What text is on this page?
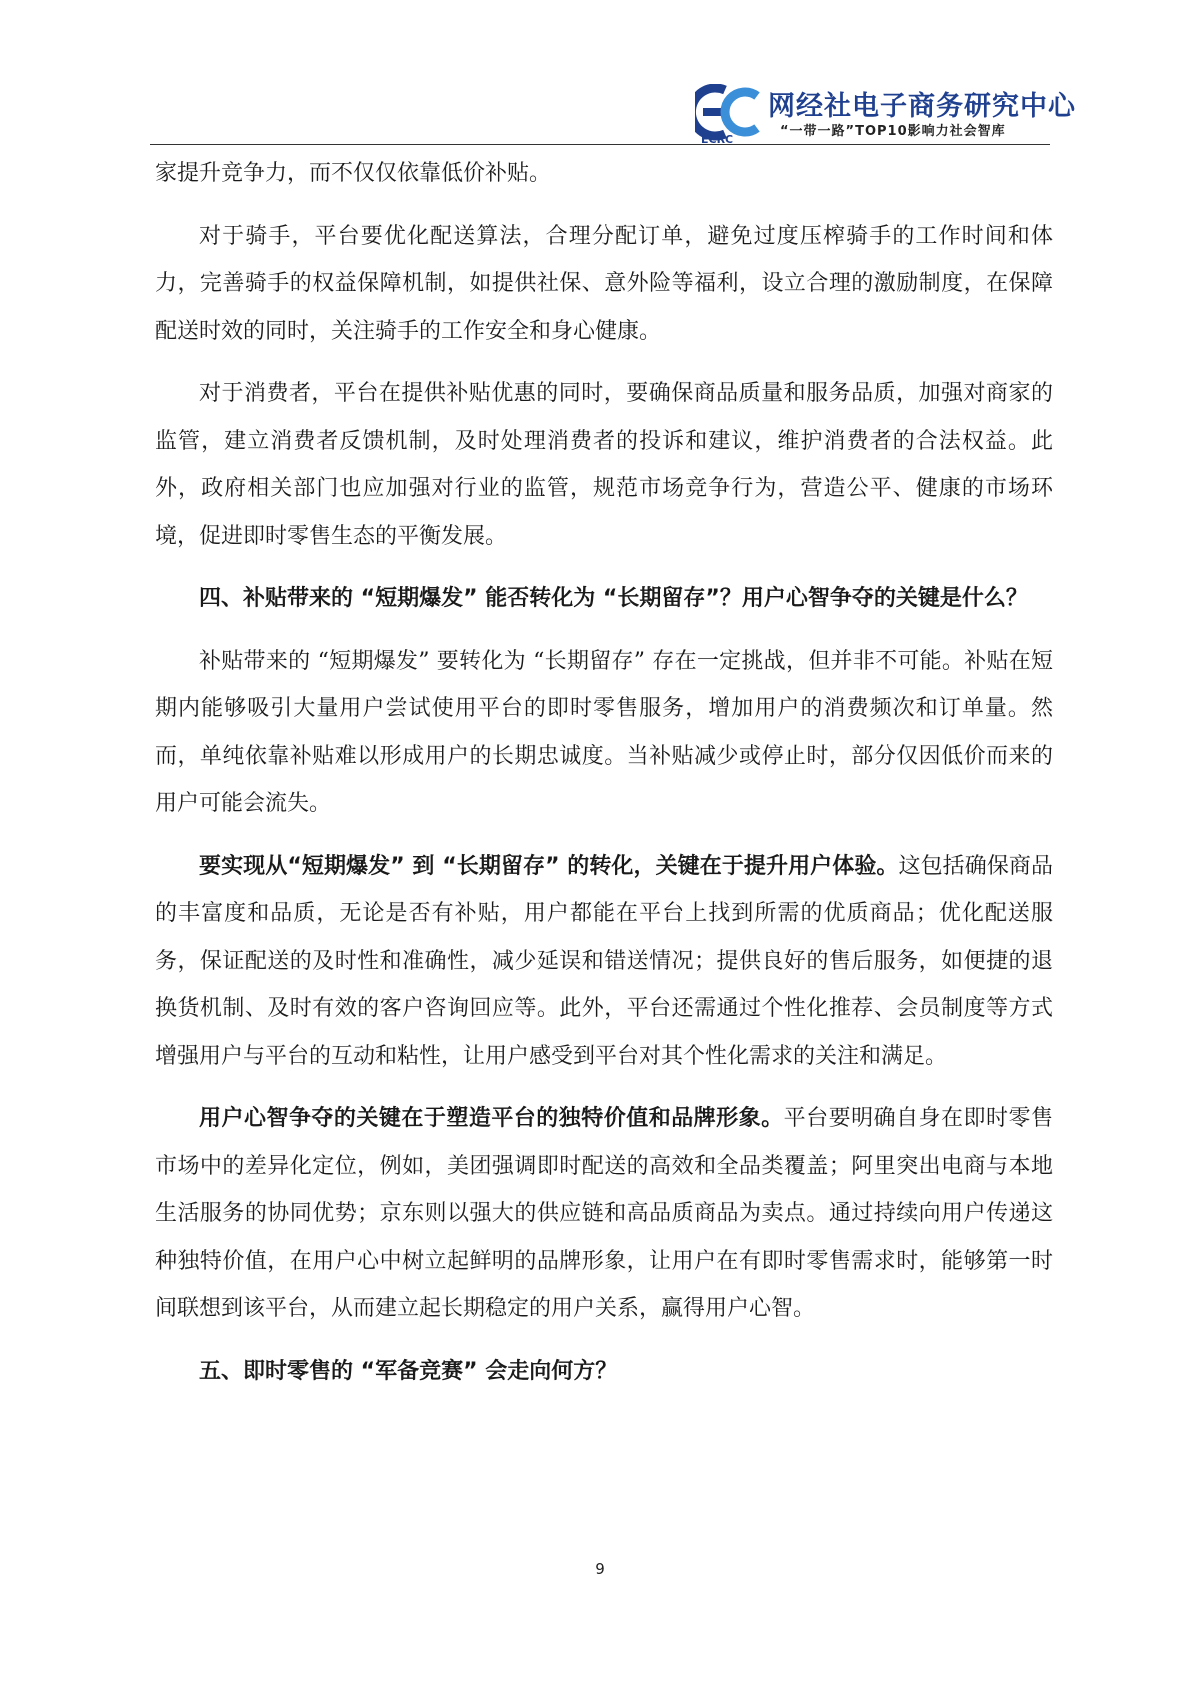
ECRC
网经社电子商务研究中心
“一带一路”TOP10影响力社会智库

家提升竞争力，而不仅仅依靠低价补贴。

对于骑手，平台要优化配送算法，合理分配订单，避免过度压榨骑手的工作时间和体力，完善骑手的权益保障机制，如提供社保、意外险等福利，设立合理的激励制度，在保障配送时效的同时，关注骑手的工作安全和身心健康。

对于消费者，平台在提供补贴优惠的同时，要确保商品质量和服务品质，加强对商家的监管，建立消费者反馈机制，及时处理消费者的投诉和建议，维护消费者的合法权益。此外，政府相关部门也应加强对行业的监管，规范市场竞争行为，营造公平、健康的市场环境，促进即时零售生态的平衡发展。

四、补贴带来的 “短期爆发” 能否转化为 “长期留存”？用户心智争夺的关键是什么？

补贴带来的 “短期爆发” 要转化为 “长期留存” 存在一定挑战，但并非不可能。补贴在短期内能够吸引大量用户尝试使用平台的即时零售服务，增加用户的消费频次和订单量。然而，单纯依靠补贴难以形成用户的长期忠诚度。当补贴减少或停止时，部分仅因低价而来的用户可能会流失。

要实现从“短期爆发” 到 “长期留存” 的转化，关键在于提升用户体验。这包括确保商品的丰富度和品质，无论是否有补贴，用户都能在平台上找到所需的优质商品；优化配送服务，保证配送的及时性和准确性，减少延误和错送情况；提供良好的售后服务，如便捷的退换货机制、及时有效的客户咨询回应等。此外，平台还需通过个性化推荐、会员制度等方式增强用户与平台的互动和粘性，让用户感受到平台对其个性化需求的关注和满足。

用户心智争夺的关键在于塑造平台的独特价值和品牌形象。平台要明确自身在即时零售市场中的差异化定位，例如，美团强调即时配送的高效和全品类覆盖；阿里突出电商与本地生活服务的协同优势；京东则以强大的供应链和高品质商品为卖点。通过持续向用户传递这种独特价值，在用户心中树立起鲜明的品牌形象，让用户在有即时零售需求时，能够第一时间联想到该平台，从而建立起长期稳定的用户关系，赢得用户心智。

五、即时零售的 “军备竞赛” 会走向何方？

9
